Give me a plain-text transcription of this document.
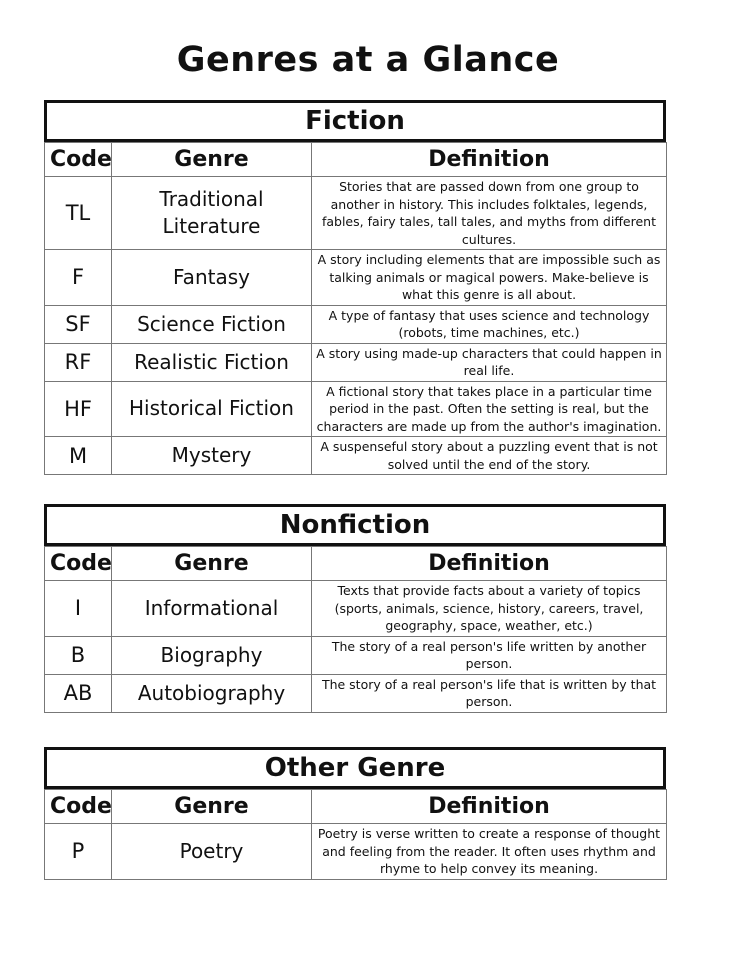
Genres at a Glance
Fiction
Code	Genre	Definition
TL	Traditional Literature	Stories that are passed down from one group to another in history. This includes folktales, legends, fables, fairy tales, tall tales, and myths from different cultures.
F	Fantasy	A story including elements that are impossible such as talking animals or magical powers. Make-believe is what this genre is all about.
SF	Science Fiction	A type of fantasy that uses science and technology (robots, time machines, etc.)
RF	Realistic Fiction	A story using made-up characters that could happen in real life.
HF	Historical Fiction	A fictional story that takes place in a particular time period in the past. Often the setting is real, but the characters are made up from the author's imagination.
M	Mystery	A suspenseful story about a puzzling event that is not solved until the end of the story.
Nonfiction
Code	Genre	Definition
I	Informational	Texts that provide facts about a variety of topics (sports, animals, science, history, careers, travel, geography, space, weather, etc.)
B	Biography	The story of a real person's life written by another person.
AB	Autobiography	The story of a real person's life that is written by that person.
Other Genre
Code	Genre	Definition
P	Poetry	Poetry is verse written to create a response of thought and feeling from the reader. It often uses rhythm and rhyme to help convey its meaning.
